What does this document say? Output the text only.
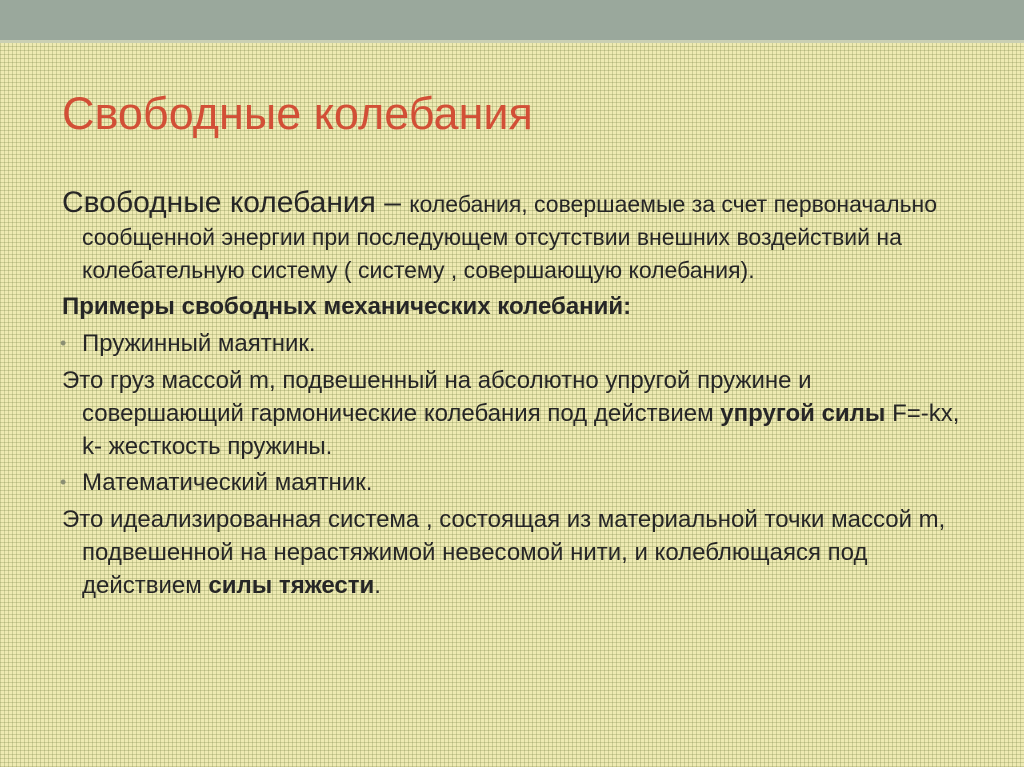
Свободные колебания

Свободные колебания – колебания, совершаемые за счет первоначально сообщенной энергии при последующем отсутствии внешних воздействий на колебательную систему ( систему , совершающую колебания).

Примеры свободных механических колебаний:

• Пружинный маятник.

Это груз массой m, подвешенный на абсолютно упругой пружине и совершающий гармонические колебания под действием упругой силы F=-kx, k- жесткость пружины.

• Математический маятник.

Это идеализированная система , состоящая из материальной точки массой m, подвешенной на нерастяжимой невесомой нити, и колеблющаяся под действием силы тяжести.
